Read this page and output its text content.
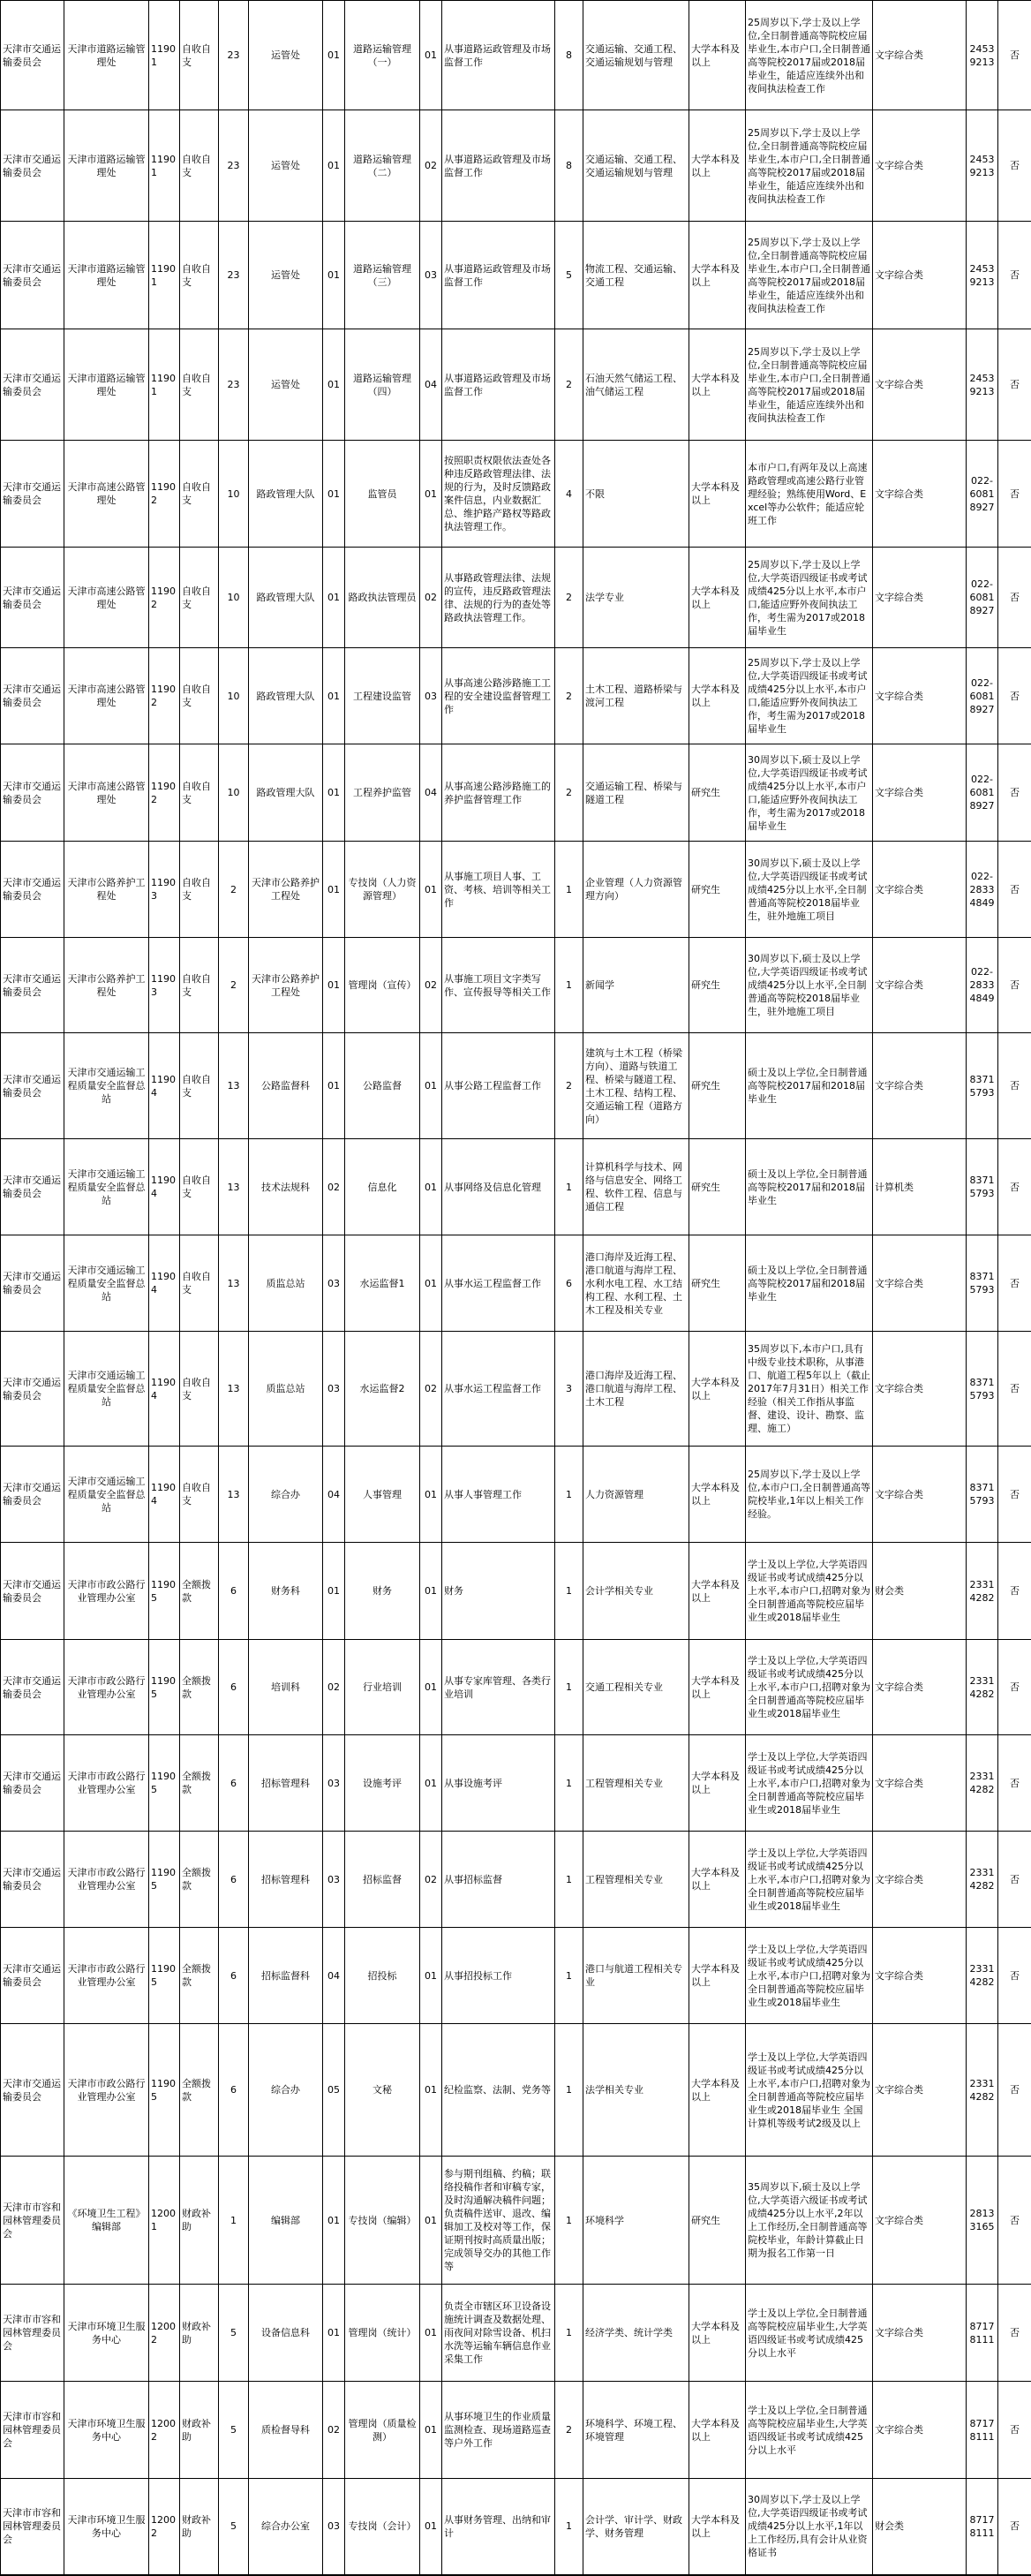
天津市交通运输委员会	天津市道路运输管理处	11901	自收自支	23	运管处	01	道路运输管理（一）	01	从事道路运政管理及市场监督工作	8	交通运输、交通工程、交通运输规划与管理	大学本科及以上	25周岁以下,学士及以上学位,全日制普通高等院校应届毕业生,本市户口,全日制普通高等院校2017届或2018届毕业生，能适应连续外出和夜间执法检查工作	文字综合类	24539213	否
天津市交通运输委员会	天津市道路运输管理处	11901	自收自支	23	运管处	01	道路运输管理（二）	02	从事道路运政管理及市场监督工作	8	交通运输、交通工程、交通运输规划与管理	大学本科及以上	25周岁以下,学士及以上学位,全日制普通高等院校应届毕业生,本市户口,全日制普通高等院校2017届或2018届毕业生，能适应连续外出和夜间执法检查工作	文字综合类	24539213	否
天津市交通运输委员会	天津市道路运输管理处	11901	自收自支	23	运管处	01	道路运输管理（三）	03	从事道路运政管理及市场监督工作	5	物流工程、交通运输、交通工程	大学本科及以上	25周岁以下,学士及以上学位,全日制普通高等院校应届毕业生,本市户口,全日制普通高等院校2017届或2018届毕业生，能适应连续外出和夜间执法检查工作	文字综合类	24539213	否
天津市交通运输委员会	天津市道路运输管理处	11901	自收自支	23	运管处	01	道路运输管理（四）	04	从事道路运政管理及市场监督工作	2	石油天然气储运工程、油气储运工程	大学本科及以上	25周岁以下,学士及以上学位,全日制普通高等院校应届毕业生,本市户口,全日制普通高等院校2017届或2018届毕业生，能适应连续外出和夜间执法检查工作	文字综合类	24539213	否
天津市交通运输委员会	天津市高速公路管理处	11902	自收自支	10	路政管理大队	01	监管员	01	按照职责权限依法查处各种违反路政管理法律、法规的行为，及时反馈路政案件信息，内业数据汇总、维护路产路权等路政执法管理工作。	4	不限	大学本科及以上	本市户口,有两年及以上高速路政管理或高速公路行业管理经验；熟练使用Word、Excel等办公软件；能适应轮班工作	文字综合类	022-60818927	否
天津市交通运输委员会	天津市高速公路管理处	11902	自收自支	10	路政管理大队	01	路政执法管理员	02	从事路政管理法律、法规的宣传，违反路政管理法律、法规的行为的查处等路政执法管理工作。	2	法学专业	大学本科及以上	25周岁以下,学士及以上学位,大学英语四级证书或考试成绩425分以上水平,本市户口,能适应野外夜间执法工作，考生需为2017或2018届毕业生	文字综合类	022-60818927	否
天津市交通运输委员会	天津市高速公路管理处	11902	自收自支	10	路政管理大队	01	工程建设监管	03	从事高速公路涉路施工工程的安全建设监督管理工作	2	土木工程、道路桥梁与渡河工程	大学本科及以上	25周岁以下,学士及以上学位,大学英语四级证书或考试成绩425分以上水平,本市户口,能适应野外夜间执法工作，考生需为2017或2018届毕业生	文字综合类	022-60818927	否
天津市交通运输委员会	天津市高速公路管理处	11902	自收自支	10	路政管理大队	01	工程养护监管	04	从事高速公路涉路施工的养护监督管理工作	2	交通运输工程、桥梁与隧道工程	研究生	30周岁以下,硕士及以上学位,大学英语四级证书或考试成绩425分以上水平,本市户口,能适应野外夜间执法工作，考生需为2017或2018届毕业生	文字综合类	022-60818927	否
天津市交通运输委员会	天津市公路养护工程处	11903	自收自支	2	天津市公路养护工程处	01	专技岗（人力资源管理）	01	从事施工项目人事、工资、考核、培训等相关工作	1	企业管理（人力资源管理方向）	研究生	30周岁以下,硕士及以上学位,大学英语四级证书或考试成绩425分以上水平,全日制普通高等院校2018届毕业生，驻外地施工项目	文字综合类	022-28334849	否
天津市交通运输委员会	天津市公路养护工程处	11903	自收自支	2	天津市公路养护工程处	01	管理岗（宣传）	02	从事施工项目文字类写作、宣传报导等相关工作	1	新闻学	研究生	30周岁以下,硕士及以上学位,大学英语四级证书或考试成绩425分以上水平,全日制普通高等院校2018届毕业生，驻外地施工项目	文字综合类	022-28334849	否
天津市交通运输委员会	天津市交通运输工程质量安全监督总站	11904	自收自支	13	公路监督科	01	公路监督	01	从事公路工程监督工作	2	建筑与土木工程（桥梁方向）、道路与铁道工程、桥梁与隧道工程、土木工程、结构工程、交通运输工程（道路方向）	研究生	硕士及以上学位,全日制普通高等院校2017届和2018届毕业生	文字综合类	83715793	否
天津市交通运输委员会	天津市交通运输工程质量安全监督总站	11904	自收自支	13	技术法规科	02	信息化	01	从事网络及信息化管理	1	计算机科学与技术、网络与信息安全、网络工程、软件工程、信息与通信工程	研究生	硕士及以上学位,全日制普通高等院校2017届和2018届毕业生	计算机类	83715793	否
天津市交通运输委员会	天津市交通运输工程质量安全监督总站	11904	自收自支	13	质监总站	03	水运监督1	01	从事水运工程监督工作	6	港口海岸及近海工程、港口航道与海岸工程、水利水电工程、水工结构工程、水利工程、土木工程及相关专业	研究生	硕士及以上学位,全日制普通高等院校2017届和2018届毕业生	文字综合类	83715793	否
天津市交通运输委员会	天津市交通运输工程质量安全监督总站	11904	自收自支	13	质监总站	03	水运监督2	02	从事水运工程监督工作	3	港口海岸及近海工程、港口航道与海岸工程、土木工程	大学本科及以上	35周岁以下,本市户口,具有中级专业技术职称，从事港口、航道工程5年以上（截止2017年7月31日）相关工作经验（相关工作指从事监督、建设、设计、勘察、监理、施工）	文字综合类	83715793	否
天津市交通运输委员会	天津市交通运输工程质量安全监督总站	11904	自收自支	13	综合办	04	人事管理	01	从事人事管理工作	1	人力资源管理	大学本科及以上	25周岁以下,学士及以上学位,本市户口,全日制普通高等院校毕业,1年以上相关工作经验。	文字综合类	83715793	否
天津市交通运输委员会	天津市市政公路行业管理办公室	11905	全额拨款	6	财务科	01	财务	01	财务	1	会计学相关专业	大学本科及以上	学士及以上学位,大学英语四级证书或考试成绩425分以上水平,本市户口,招聘对象为全日制普通高等院校应届毕业生或2018届毕业生	财会类	23314282	否
天津市交通运输委员会	天津市市政公路行业管理办公室	11905	全额拨款	6	培训科	02	行业培训	01	从事专家库管理、各类行业培训	1	交通工程相关专业	大学本科及以上	学士及以上学位,大学英语四级证书或考试成绩425分以上水平,本市户口,招聘对象为全日制普通高等院校应届毕业生或2018届毕业生	文字综合类	23314282	否
天津市交通运输委员会	天津市市政公路行业管理办公室	11905	全额拨款	6	招标管理科	03	设施考评	01	从事设施考评	1	工程管理相关专业	大学本科及以上	学士及以上学位,大学英语四级证书或考试成绩425分以上水平,本市户口,招聘对象为全日制普通高等院校应届毕业生或2018届毕业生	文字综合类	23314282	否
天津市交通运输委员会	天津市市政公路行业管理办公室	11905	全额拨款	6	招标管理科	03	招标监督	02	从事招标监督	1	工程管理相关专业	大学本科及以上	学士及以上学位,大学英语四级证书或考试成绩425分以上水平,本市户口,招聘对象为全日制普通高等院校应届毕业生或2018届毕业生	文字综合类	23314282	否
天津市交通运输委员会	天津市市政公路行业管理办公室	11905	全额拨款	6	招标监督科	04	招投标	01	从事招投标工作	1	港口与航道工程相关专业	大学本科及以上	学士及以上学位,大学英语四级证书或考试成绩425分以上水平,本市户口,招聘对象为全日制普通高等院校应届毕业生或2018届毕业生	文字综合类	23314282	否
天津市交通运输委员会	天津市市政公路行业管理办公室	11905	全额拨款	6	综合办	05	文秘	01	纪检监察、法制、党务等	1	法学相关专业	大学本科及以上	学士及以上学位,大学英语四级证书或考试成绩425分以上水平,本市户口,招聘对象为全日制普通高等院校应届毕业生或2018届毕业生 全国计算机等级考试2级及以上	文字综合类	23314282	否
天津市市容和园林管理委员会	《环境卫生工程》编辑部	12001	财政补助	1	编辑部	01	专技岗（编辑）	01	参与期刊组稿、约稿；联络投稿作者和审稿专家，及时沟通解决稿件问题；负责稿件送审、退改、编辑加工及校对等工作，保证期刊按时高质量出版；完成领导交办的其他工作等	1	环境科学	研究生	35周岁以下,硕士及以上学位,大学英语六级证书或考试成绩425分以上水平,2年以上工作经历,全日制普通高等院校毕业，年龄计算截止日期为报名工作第一日	文字综合类	28133165	否
天津市市容和园林管理委员会	天津市环境卫生服务中心	12002	财政补助	5	设备信息科	01	管理岗（统计）	01	负责全市辖区环卫设备设施统计调查及数据处理、雨夜间对除雪设备、机扫水洗等运输车辆信息作业采集工作	1	经济学类、统计学类	大学本科及以上	学士及以上学位,全日制普通高等院校应届毕业生,大学英语四级证书或考试成绩425分以上水平	文字综合类	87178111	否
天津市市容和园林管理委员会	天津市环境卫生服务中心	12002	财政补助	5	质检督导科	02	管理岗（质量检测）	01	从事环境卫生的作业质量监测检查、现场道路巡查等户外工作	2	环境科学、环境工程、环境管理	大学本科及以上	学士及以上学位,全日制普通高等院校应届毕业生,大学英语四级证书或考试成绩425分以上水平	文字综合类	87178111	否
天津市市容和园林管理委员会	天津市环境卫生服务中心	12002	财政补助	5	综合办公室	03	专技岗（会计）	01	从事财务管理、出纳和审计	1	会计学、审计学、财政学、财务管理	大学本科及以上	30周岁以下,学士及以上学位,大学英语四级证书或考试成绩425分以上水平,1年以上工作经历,具有会计从业资格证书	财会类	87178111	否
